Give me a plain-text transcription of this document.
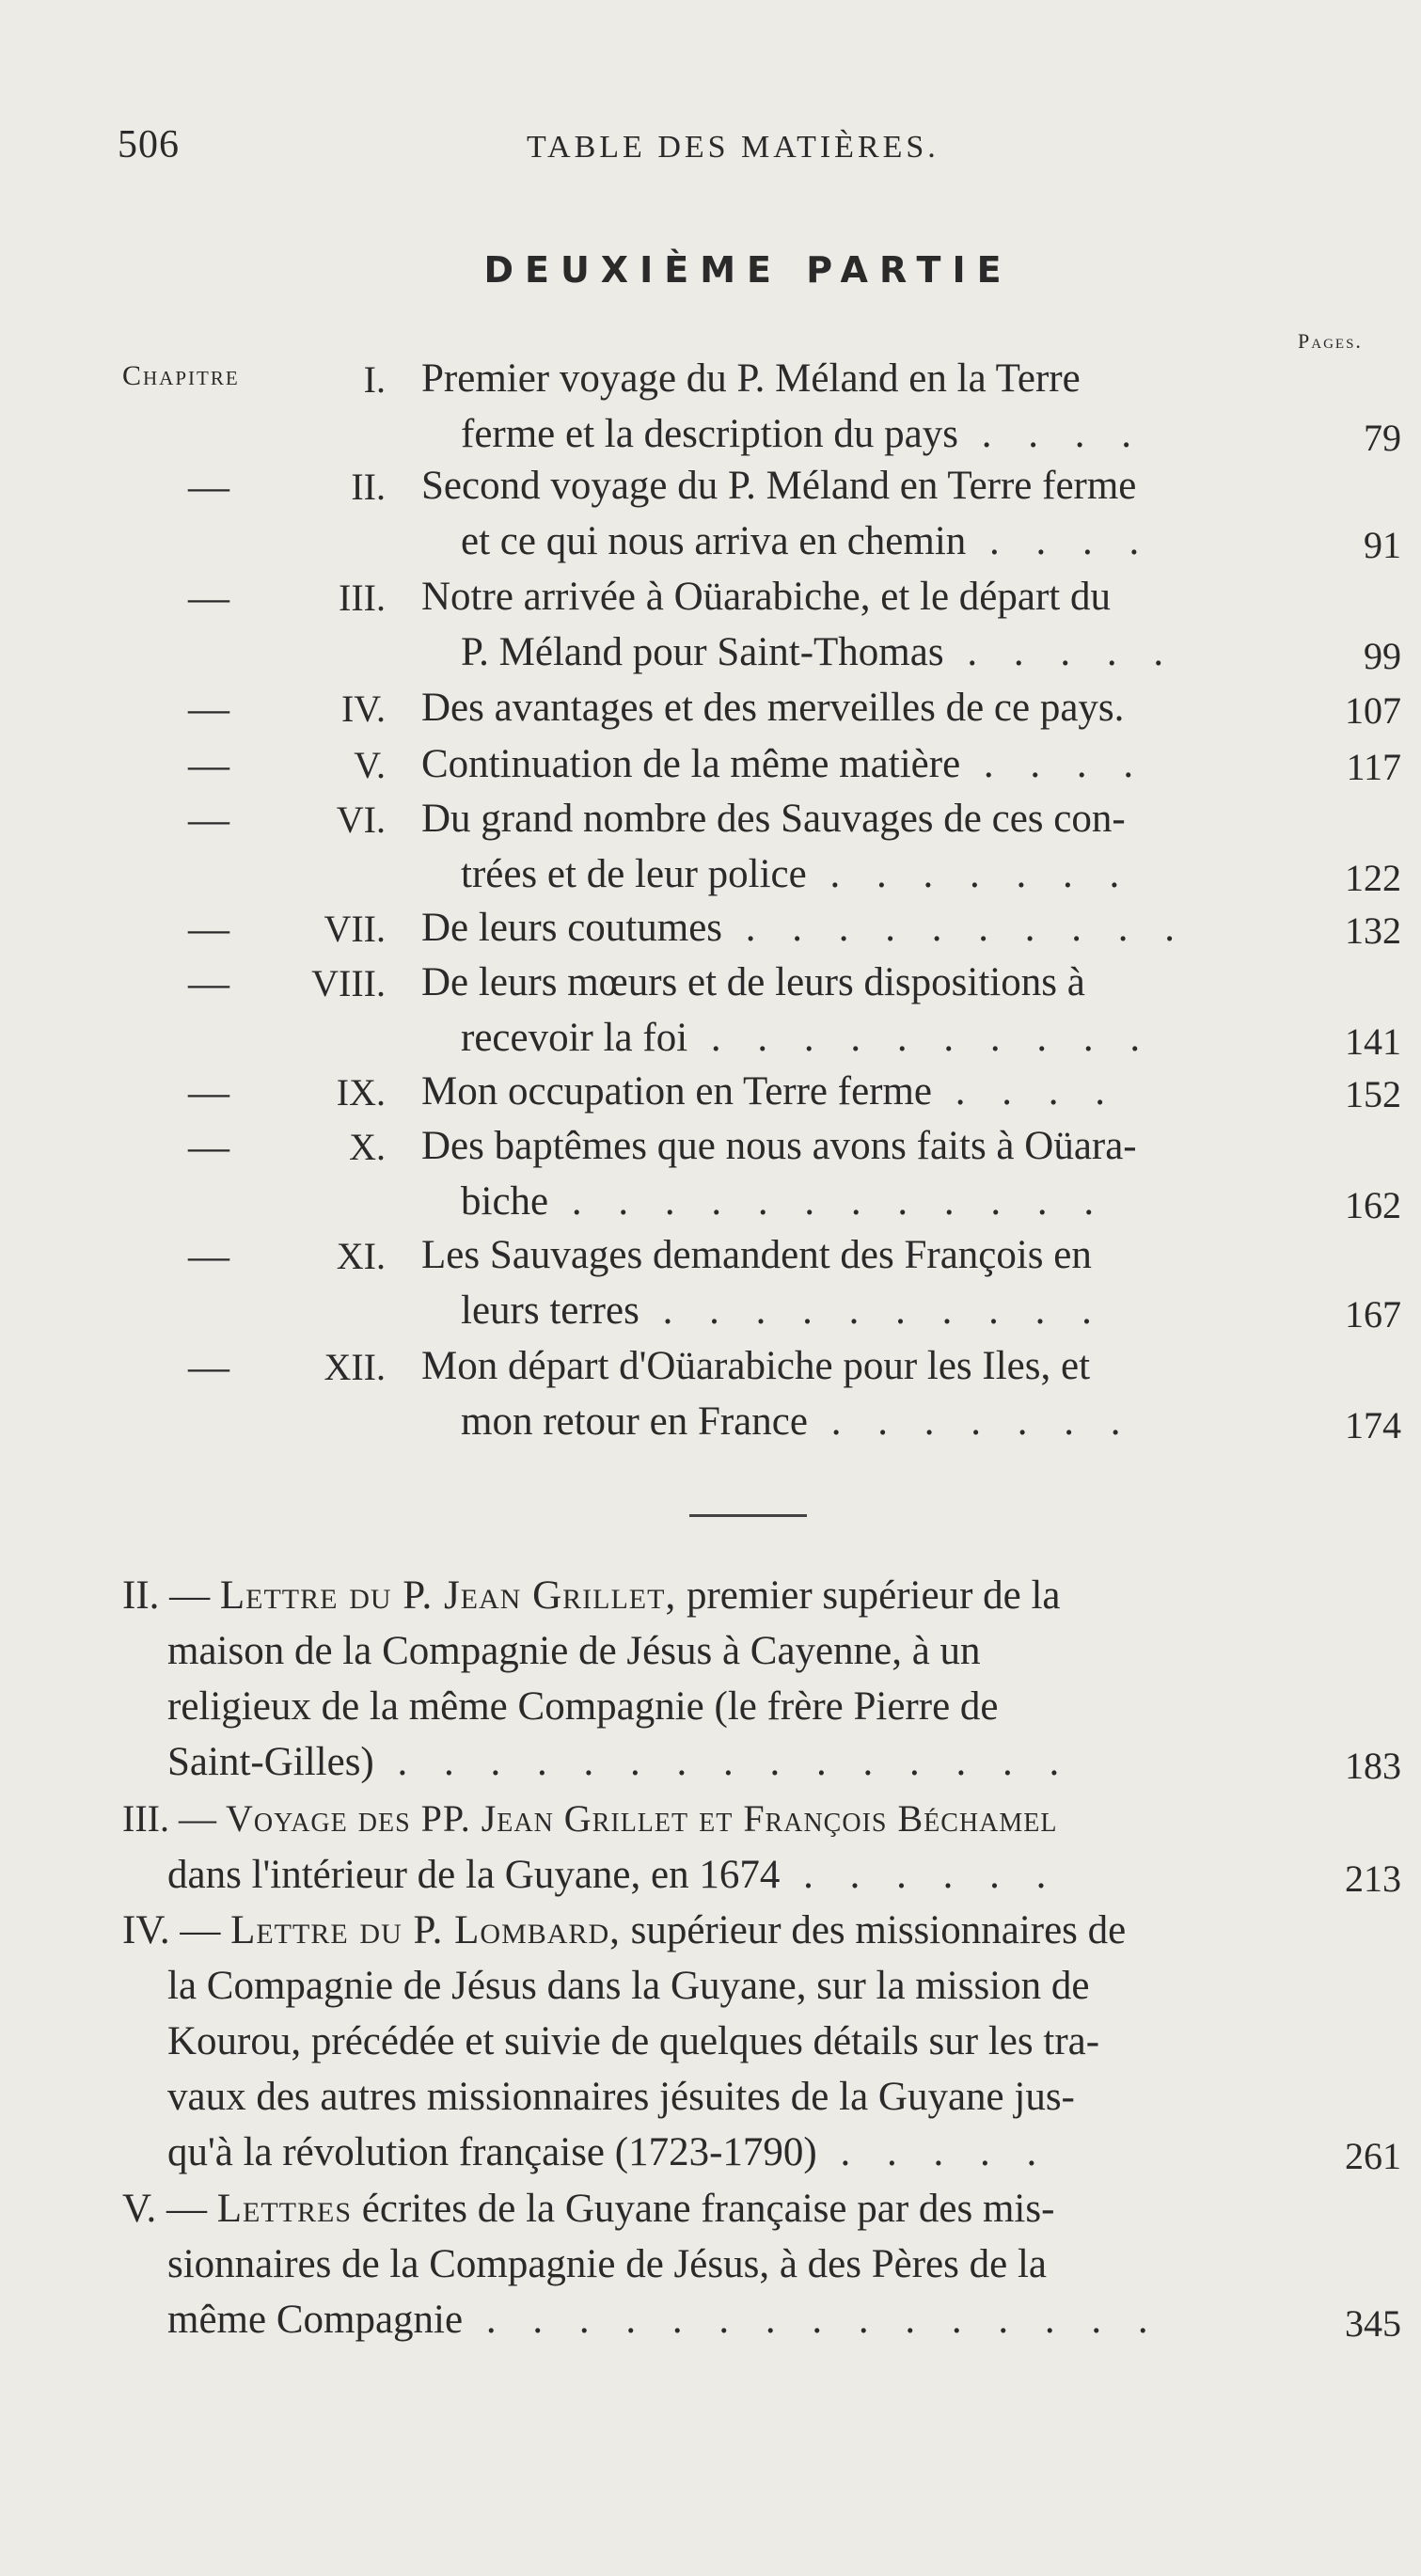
506	TABLE DES MATIÈRES.
DEUXIÈME PARTIE
Pages.
Chapitre	I. Premier voyage du P. Méland en la Terre
ferme et la description du pays . . . .	79
—	II. Second voyage du P. Méland en Terre ferme
et ce qui nous arriva en chemin . . . .	91
—	III. Notre arrivée à Oüarabiche, et le départ du
P. Méland pour Saint-Thomas . . . . .	99
—	IV. Des avantages et des merveilles de ce pays.	107
—	V. Continuation de la même matière . . . .	117
—	VI. Du grand nombre des Sauvages de ces con-
trées et de leur police . . . . . . .	122
—	VII. De leurs coutumes . . . . . . . . . .	132
—	VIII. De leurs mœurs et de leurs dispositions à
recevoir la foi . . . . . . . . . .	141
—	IX. Mon occupation en Terre ferme . . . .	152
—	X. Des baptêmes que nous avons faits à Oüara-
biche . . . . . . . . . . . .	162
—	XI. Les Sauvages demandent des François en
leurs terres . . . . . . . . . .	167
—	XII. Mon départ d'Oüarabiche pour les Iles, et
mon retour en France . . . . . . .	174
II. — Lettre du P. Jean Grillet, premier supérieur de la
maison de la Compagnie de Jésus à Cayenne, à un
religieux de la même Compagnie (le frère Pierre de
Saint-Gilles) . . . . . . . . . . . . . . .	183
III. — Voyage des PP. Jean Grillet et François Béchamel
dans l'intérieur de la Guyane, en 1674 . . . . . .	213
IV. — Lettre du P. Lombard, supérieur des missionnaires de
la Compagnie de Jésus dans la Guyane, sur la mission de
Kourou, précédée et suivie de quelques détails sur les tra-
vaux des autres missionnaires jésuites de la Guyane jus-
qu'à la révolution française (1723-1790) . . . . .	261
V. — Lettres écrites de la Guyane française par des mis-
sionnaires de la Compagnie de Jésus, à des Pères de la
même Compagnie . . . . . . . . . . . . . . .	345
